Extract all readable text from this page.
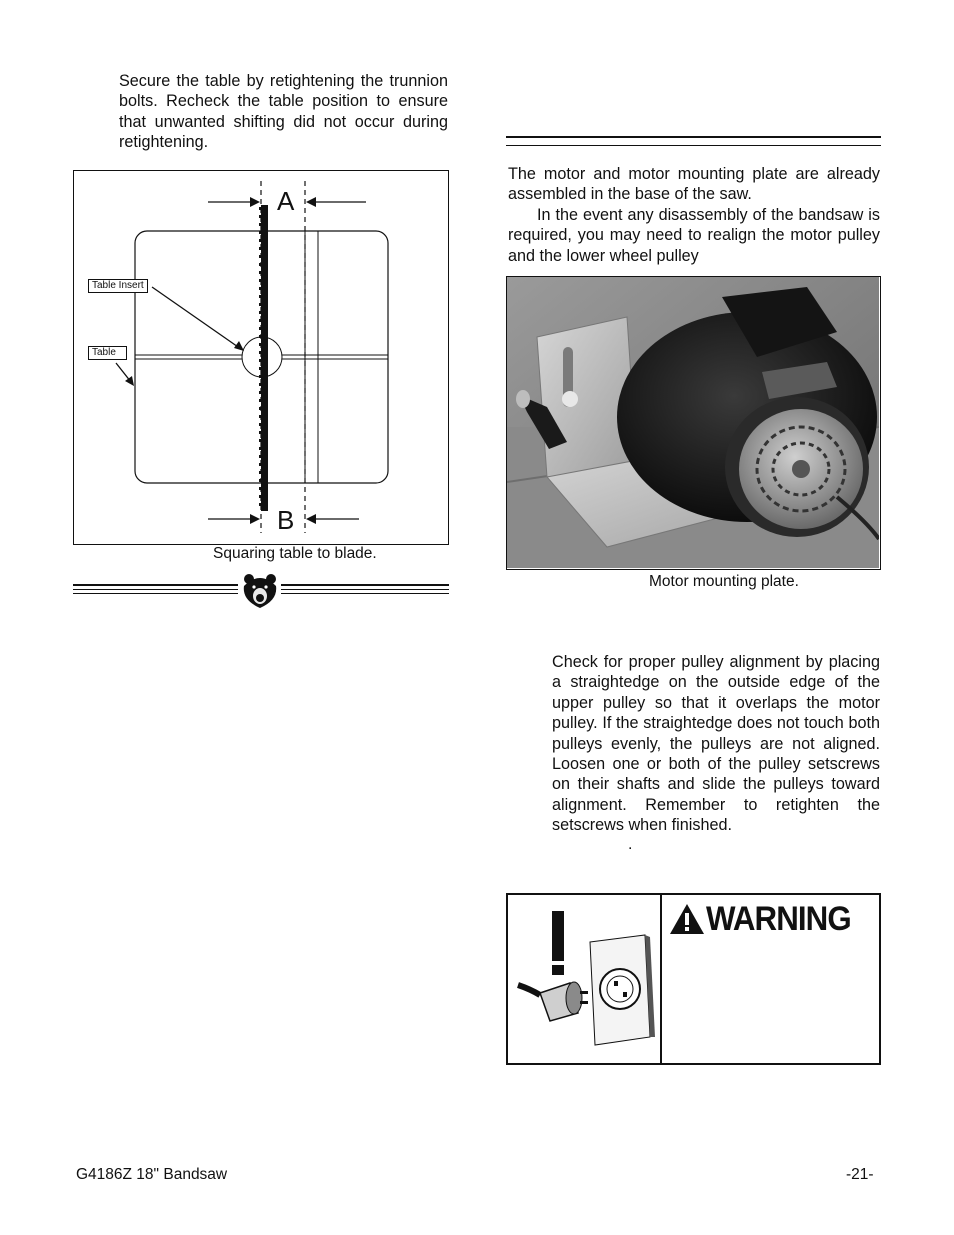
Secure the table by retightening the trunnion bolts. Recheck the table position to ensure that unwanted shifting did not occur during retightening.

A
B
Table Insert
Table
Squaring table to blade.

The motor and motor mounting plate are already assembled in the base of the saw.

In the event any disassembly of the bandsaw is required, you may need to realign the motor pulley and the lower wheel pulley

Motor mounting plate.

Check for proper pulley alignment by placing a straightedge on the outside edge of the upper pulley so that it overlaps the motor pulley. If the straightedge does not touch both pulleys evenly, the pulleys are not aligned. Loosen one or both of the pulley setscrews on their shafts and slide the pulleys toward alignment. Remember to retighten the setscrews when finished.

.
WARNING
G4186Z 18" Bandsaw	-21-
